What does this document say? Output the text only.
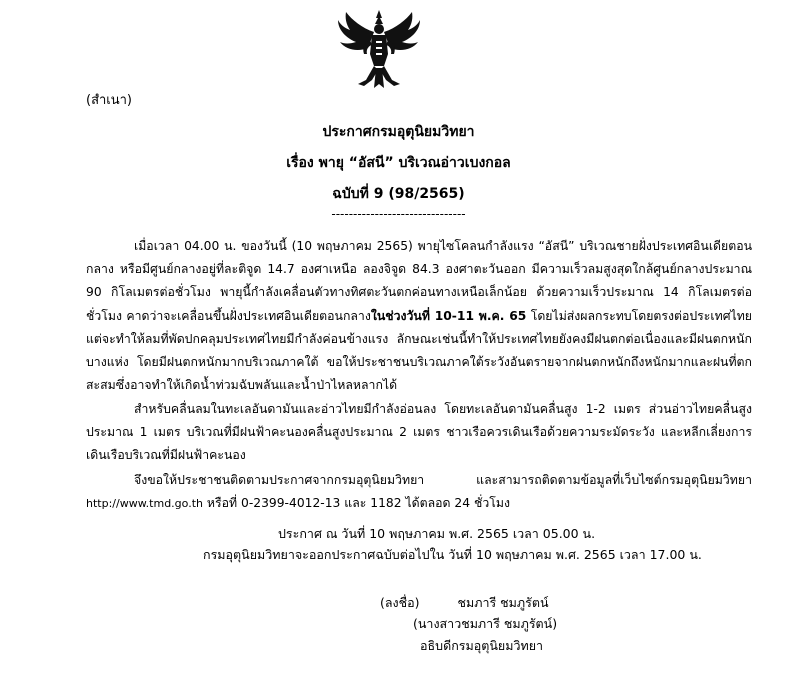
(สำเนา)
ประกาศกรมอุตุนิยมวิทยา
เรื่อง พายุ “อัสนี” บริเวณอ่าวเบงกอล
ฉบับที่ 9 (98/2565)
-------------------------------
เมื่อเวลา 04.00 น. ของวันนี้ (10 พฤษภาคม 2565) พายุไซโคลนกำลังแรง “อัสนี” บริเวณชายฝั่งประเทศอินเดียตอนกลาง หรือมีศูนย์กลางอยู่ที่ละติจูด 14.7 องศาเหนือ ลองจิจูด 84.3 องศาตะวันออก มีความเร็วลมสูงสุดใกล้ศูนย์กลางประมาณ 90 กิโลเมตรต่อชั่วโมง พายุนี้กำลังเคลื่อนตัวทางทิศตะวันตกค่อนทางเหนือเล็กน้อย ด้วยความเร็วประมาณ 14 กิโลเมตรต่อชั่วโมง คาดว่าจะเคลื่อนขึ้นฝั่งประเทศอินเดียตอนกลางในช่วงวันที่ 10-11 พ.ค. 65 โดยไม่ส่งผลกระทบโดยตรงต่อประเทศไทย แต่จะทำให้ลมที่พัดปกคลุมประเทศไทยมีกำลังค่อนข้างแรง ลักษณะเช่นนี้ทำให้ประเทศไทยยังคงมีฝนตกต่อเนื่องและมีฝนตกหนักบางแห่ง โดยมีฝนตกหนักมากบริเวณภาคใต้ ขอให้ประชาชนบริเวณภาคใต้ระวังอันตรายจากฝนตกหนักถึงหนักมากและฝนที่ตกสะสมซึ่งอาจทำให้เกิดน้ำท่วมฉับพลันและน้ำป่าไหลหลากได้
สำหรับคลื่นลมในทะเลอันดามันและอ่าวไทยมีกำลังอ่อนลง โดยทะเลอันดามันคลื่นสูง 1-2 เมตร ส่วนอ่าวไทยคลื่นสูงประมาณ 1 เมตร บริเวณที่มีฝนฟ้าคะนองคลื่นสูงประมาณ 2 เมตร ชาวเรือควรเดินเรือด้วยความระมัดระวัง และหลีกเลี่ยงการเดินเรือบริเวณที่มีฝนฟ้าคะนอง
จึงขอให้ประชาชนติดตามประกาศจากกรมอุตุนิยมวิทยา และสามารถติดตามข้อมูลที่เว็บไซต์กรมอุตุนิยมวิทยา http://www.tmd.go.th หรือที่ 0-2399-4012-13 และ 1182 ได้ตลอด 24 ชั่วโมง
ประกาศ ณ วันที่ 10 พฤษภาคม พ.ศ. 2565 เวลา 05.00 น.
กรมอุตุนิยมวิทยาจะออกประกาศฉบับต่อไปใน วันที่ 10 พฤษภาคม พ.ศ. 2565 เวลา 17.00 น.
(ลงชื่อ)	ชมภารี ชมภูรัตน์
(นางสาวชมภารี ชมภูรัตน์)
อธิบดีกรมอุตุนิยมวิทยา
